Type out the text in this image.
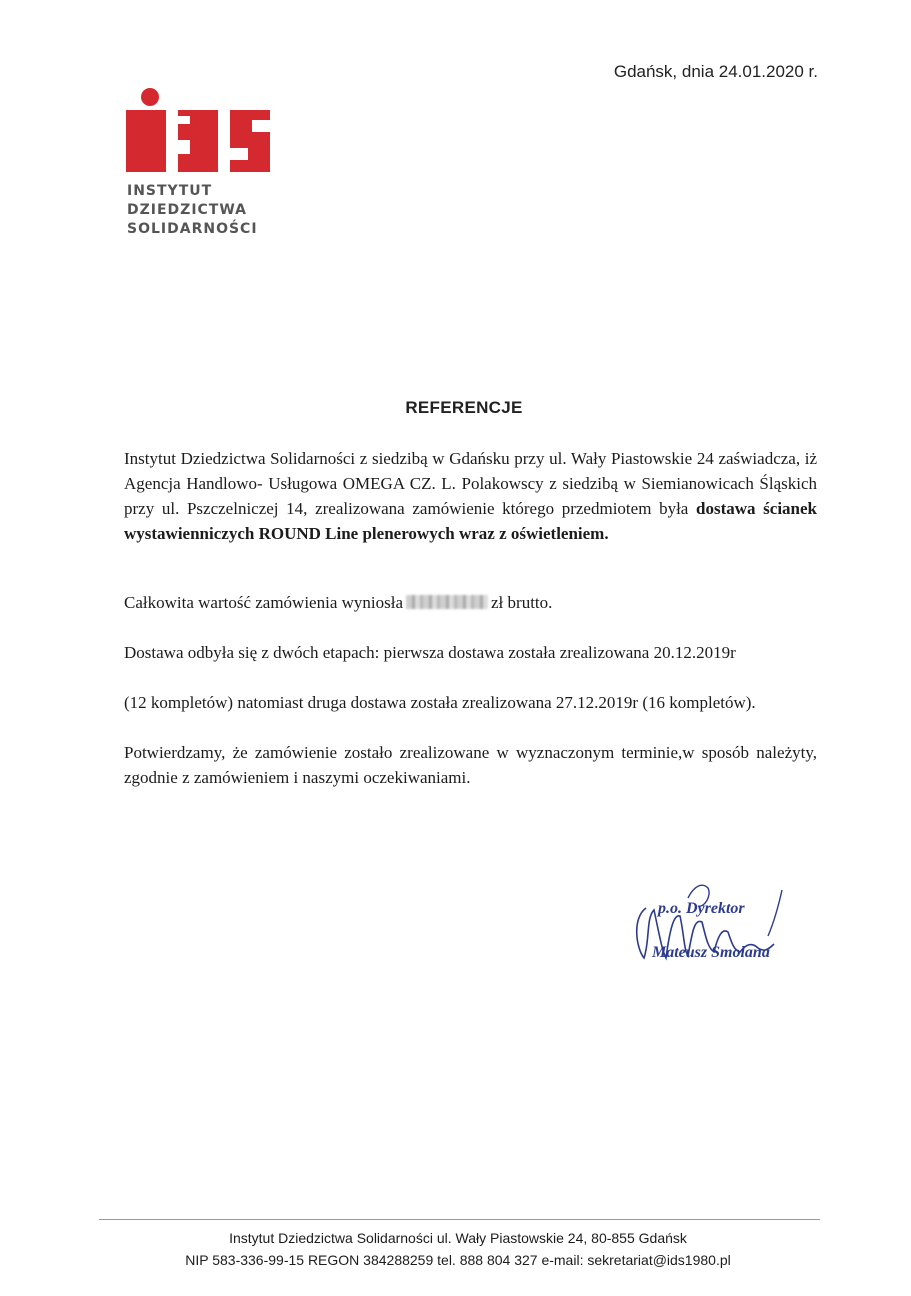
Gdańsk, dnia 24.01.2020 r.
INSTYTUT
DZIEDZICTWA
SOLIDARNOŚCI
REFERENCJE
Instytut Dziedzictwa Solidarności z siedzibą w Gdańsku przy ul. Wały Piastowskie 24 zaświadcza, iż Agencja Handlowo- Usługowa OMEGA CZ. L. Polakowscy z siedzibą w Siemianowicach Śląskich przy ul. Pszczelniczej 14, zrealizowana zamówienie którego przedmiotem była dostawa ścianek wystawienniczych ROUND Line plenerowych wraz z oświetleniem.
Całkowita wartość zamówienia wyniosła	zł brutto.
Dostawa odbyła się z dwóch etapach: pierwsza dostawa została zrealizowana 20.12.2019r
(12 kompletów) natomiast druga dostawa została zrealizowana 27.12.2019r (16 kompletów).
Potwierdzamy, że zamówienie zostało zrealizowane w wyznaczonym terminie,w sposób należyty, zgodnie z zamówieniem i naszymi oczekiwaniami.
p.o. Dyrektor
Mateusz Smolana
Instytut Dziedzictwa Solidarności ul. Wały Piastowskie 24, 80-855 Gdańsk
NIP 583-336-99-15 REGON 384288259 tel. 888 804 327 e-mail: sekretariat@ids1980.pl
